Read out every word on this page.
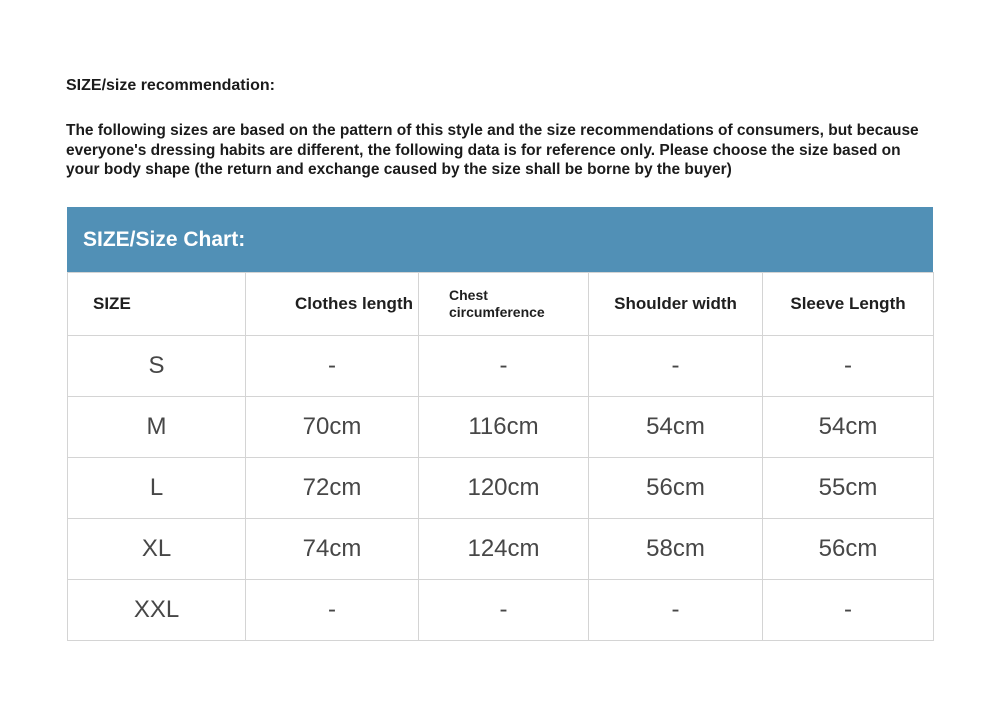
SIZE/size recommendation:
The following sizes are based on the pattern of this style and the size recommendations of consumers, but because everyone's dressing habits are different, the following data is for reference only. Please choose the size based on your body shape (the return and exchange caused by the size shall be borne by the buyer)
SIZE/Size Chart:
SIZE	Clothes length	Chest circumference	Shoulder width	Sleeve Length
S	-	-	-	-
M	70cm	116cm	54cm	54cm
L	72cm	120cm	56cm	55cm
XL	74cm	124cm	58cm	56cm
XXL	-	-	-	-
